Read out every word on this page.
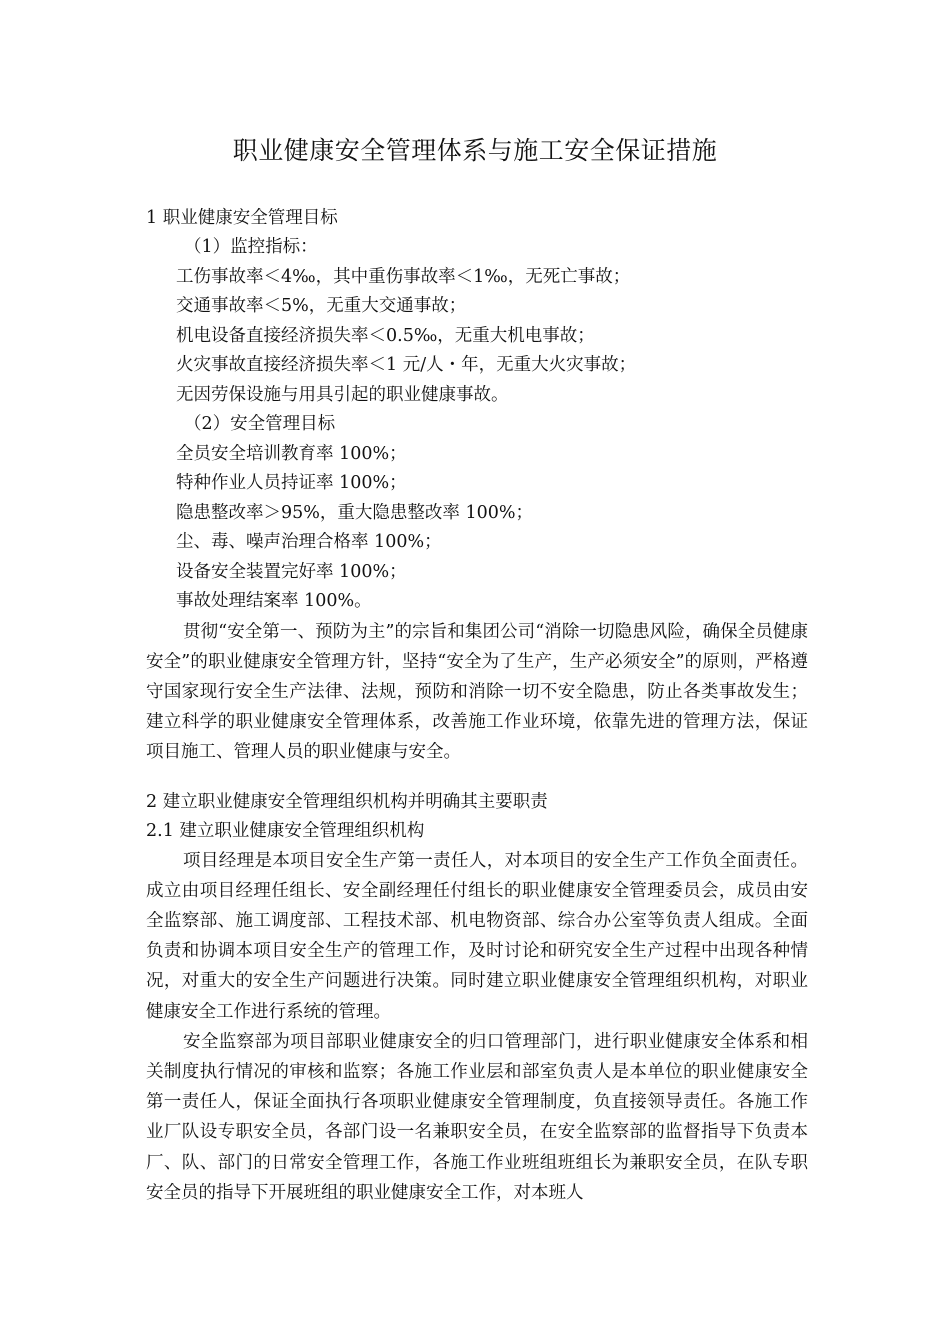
职业健康安全管理体系与施工安全保证措施
1 职业健康安全管理目标
（1）监控指标：
工伤事故率＜4‰，其中重伤事故率＜1‰，无死亡事故；
交通事故率＜5%，无重大交通事故；
机电设备直接经济损失率＜0.5‰，无重大机电事故；
火灾事故直接经济损失率＜1 元/人・年，无重大火灾事故；
无因劳保设施与用具引起的职业健康事故。
（2）安全管理目标
全员安全培训教育率 100%；
特种作业人员持证率 100%；
隐患整改率＞95%，重大隐患整改率 100%；
尘、毒、噪声治理合格率 100%；
设备安全装置完好率 100%；
事故处理结案率 100%。

贯彻“安全第一、预防为主”的宗旨和集团公司“消除一切隐患风险，确保全员健康安全”的职业健康安全管理方针，坚持“安全为了生产，生产必须安全”的原则，严格遵守国家现行安全生产法律、法规，预防和消除一切不安全隐患，防止各类事故发生；建立科学的职业健康安全管理体系，改善施工作业环境，依靠先进的管理方法，保证项目施工、管理人员的职业健康与安全。

2 建立职业健康安全管理组织机构并明确其主要职责
2.1 建立职业健康安全管理组织机构

项目经理是本项目安全生产第一责任人，对本项目的安全生产工作负全面责任。成立由项目经理任组长、安全副经理任付组长的职业健康安全管理委员会，成员由安全监察部、施工调度部、工程技术部、机电物资部、综合办公室等负责人组成。全面负责和协调本项目安全生产的管理工作，及时讨论和研究安全生产过程中出现各种情况，对重大的安全生产问题进行决策。同时建立职业健康安全管理组织机构，对职业健康安全工作进行系统的管理。

安全监察部为项目部职业健康安全的归口管理部门，进行职业健康安全体系和相关制度执行情况的审核和监察；各施工作业层和部室负责人是本单位的职业健康安全第一责任人，保证全面执行各项职业健康安全管理制度，负直接领导责任。各施工作业厂队设专职安全员，各部门设一名兼职安全员，在安全监察部的监督指导下负责本厂、队、部门的日常安全管理工作，各施工作业班组班组长为兼职安全员，在队专职安全员的指导下开展班组的职业健康安全工作，对本班人
